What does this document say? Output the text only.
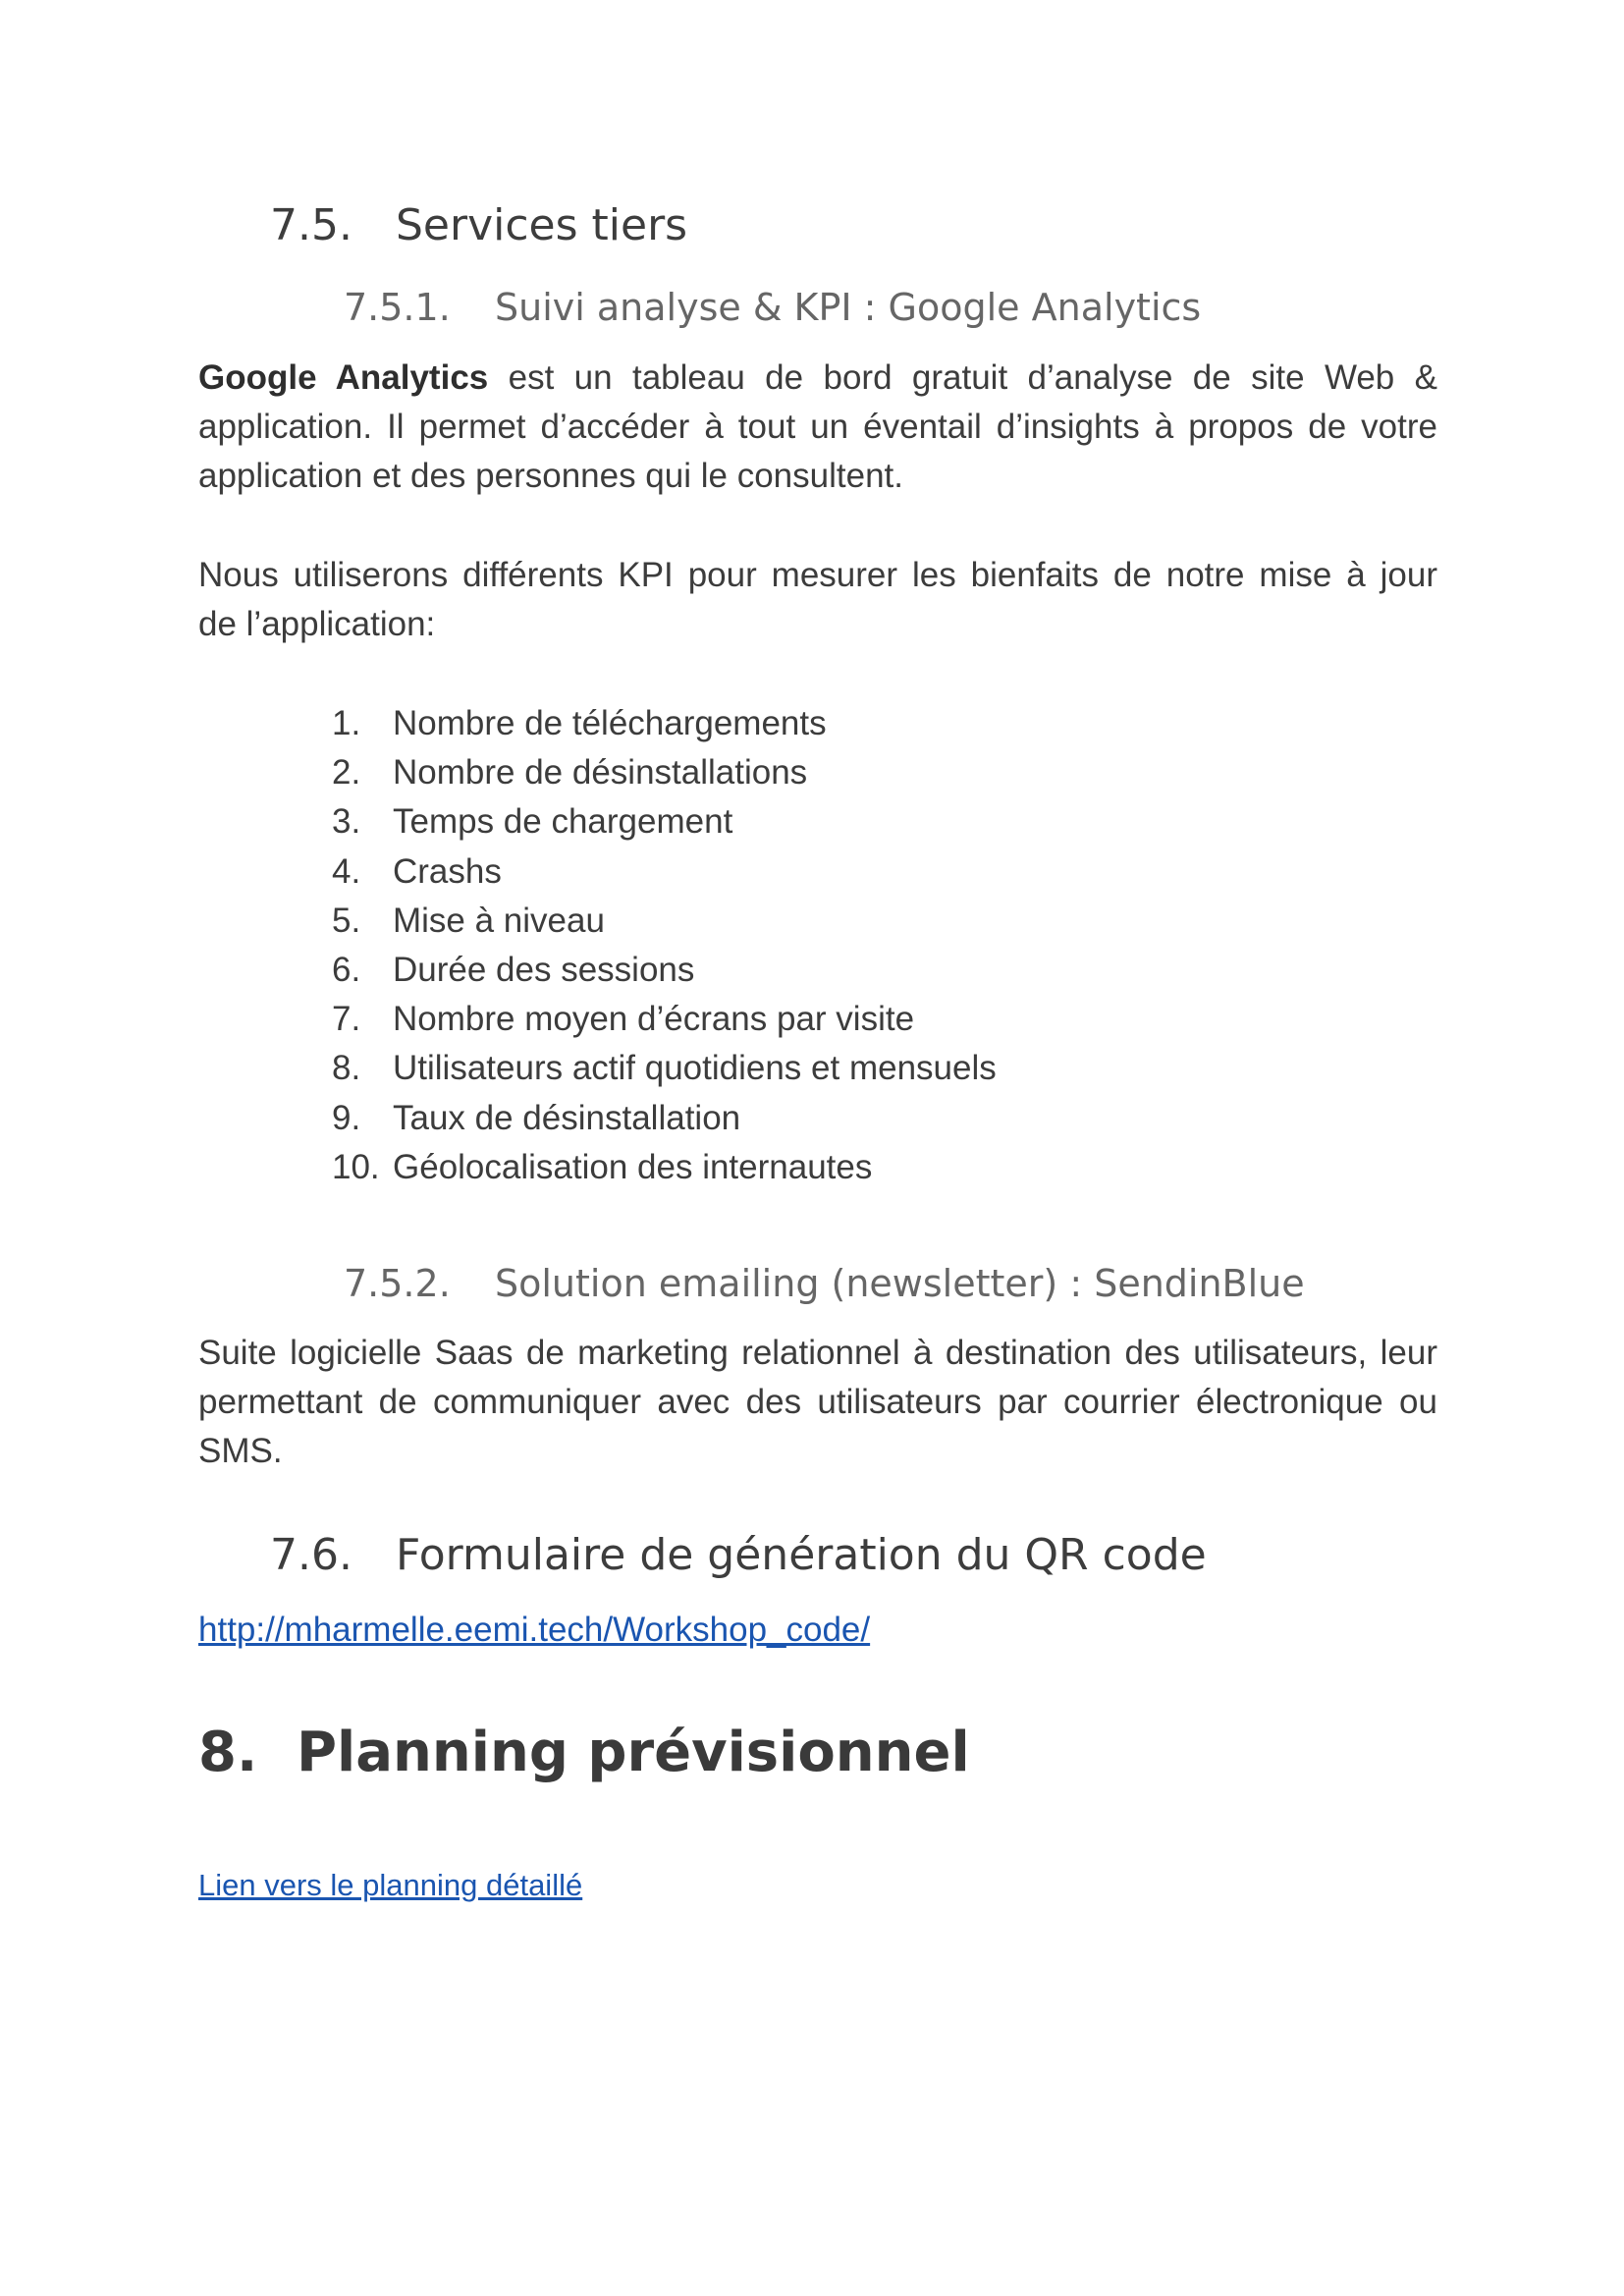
7.5. Services tiers
7.5.1. Suivi analyse & KPI : Google Analytics
Google Analytics est un tableau de bord gratuit d’analyse de site Web &
application. Il permet d’accéder à tout un éventail d’insights à propos de votre
application et des personnes qui le consultent.
Nous utiliserons différents KPI pour mesurer les bienfaits de notre mise à jour
de l’application:
1. Nombre de téléchargements
2. Nombre de désinstallations
3. Temps de chargement
4. Crashs
5. Mise à niveau
6. Durée des sessions
7. Nombre moyen d’écrans par visite
8. Utilisateurs actif quotidiens et mensuels
9. Taux de désinstallation
10. Géolocalisation des internautes
7.5.2. Solution emailing (newsletter) : SendinBlue
Suite logicielle Saas de marketing relationnel à destination des utilisateurs, leur
permettant de communiquer avec des utilisateurs par courrier électronique ou
SMS.
7.6. Formulaire de génération du QR code
http://mharmelle.eemi.tech/Workshop_code/
8. Planning prévisionnel
Lien vers le planning détaillé
